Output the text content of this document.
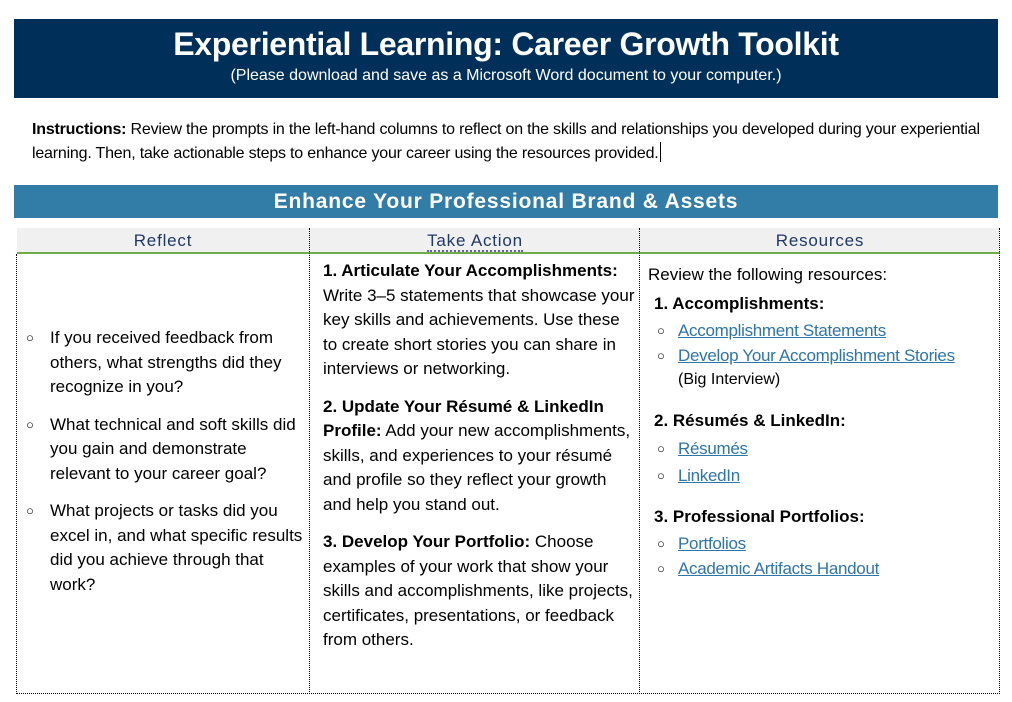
Experiential Learning: Career Growth Toolkit
(Please download and save as a Microsoft Word document to your computer.)
Instructions: Review the prompts in the left-hand columns to reflect on the skills and relationships you developed during your experiential learning. Then, take actionable steps to enhance your career using the resources provided.
Enhance Your Professional Brand & Assets
Reflect	Take Action	Resources
○ If you received feedback from others, what strengths did they recognize in you?
○ What technical and soft skills did you gain and demonstrate relevant to your career goal?
○ What projects or tasks did you excel in, and what specific results did you achieve through that work?
1. Articulate Your Accomplishments: Write 3–5 statements that showcase your key skills and achievements. Use these to create short stories you can share in interviews or networking.
2. Update Your Résumé & LinkedIn Profile: Add your new accomplishments, skills, and experiences to your résumé and profile so they reflect your growth and help you stand out.
3. Develop Your Portfolio: Choose examples of your work that show your skills and accomplishments, like projects, certificates, presentations, or feedback from others.
Review the following resources:
1. Accomplishments:
○ Accomplishment Statements
○ Develop Your Accomplishment Stories
(Big Interview)
2. Résumés & LinkedIn:
○ Résumés
○ LinkedIn
3. Professional Portfolios:
○ Portfolios
○ Academic Artifacts Handout
